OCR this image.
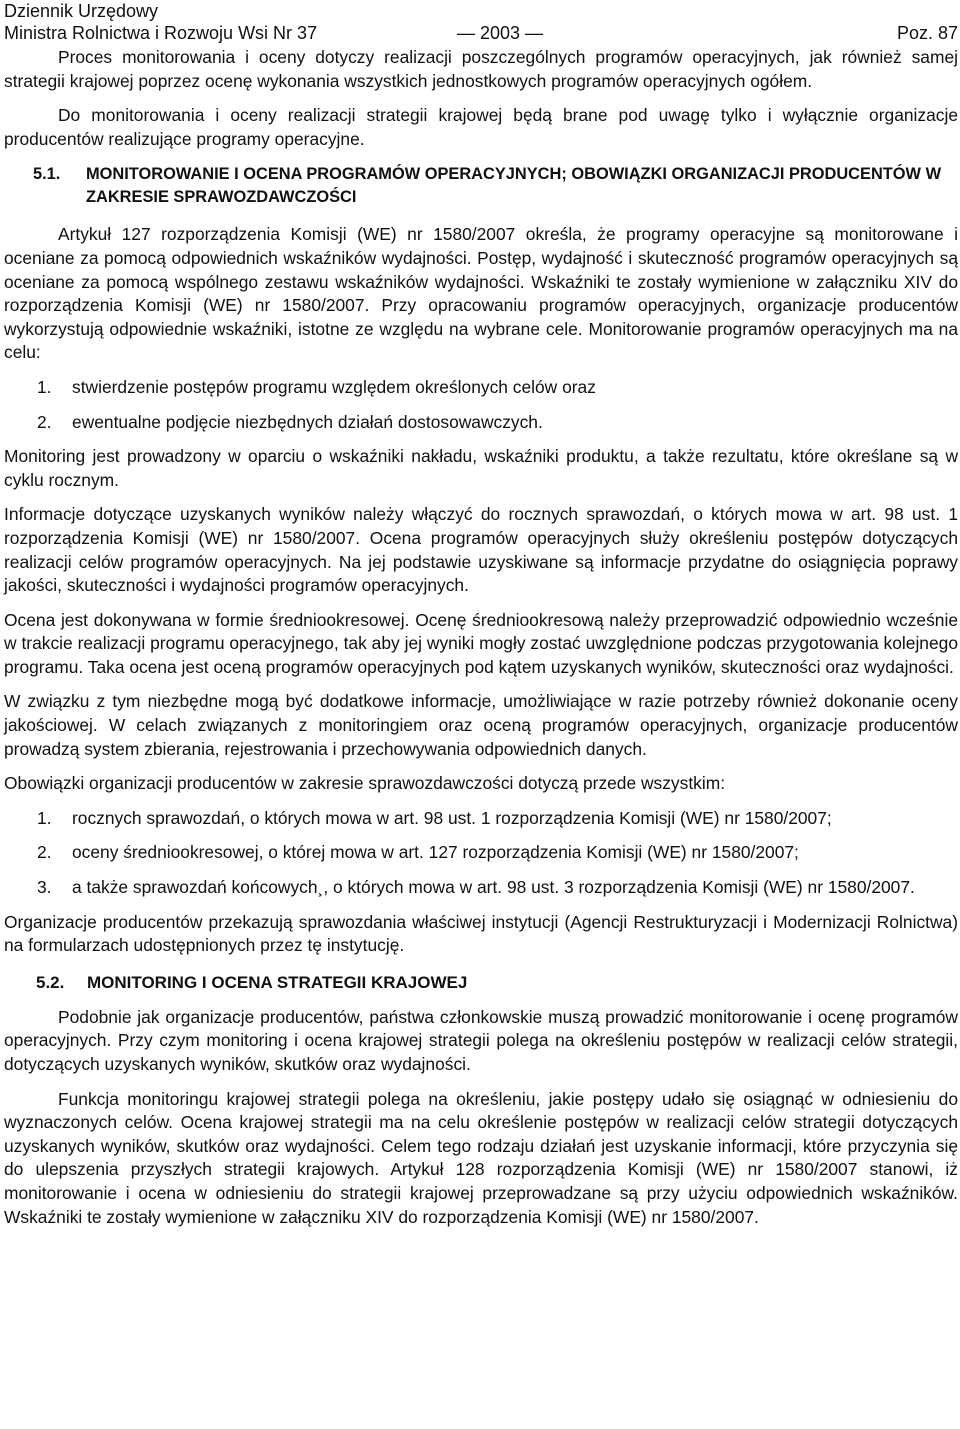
Dziennik Urzędowy
Ministra Rolnictwa i Rozwoju Wsi Nr 37	— 2003 —	Poz. 87

Proces monitorowania i oceny dotyczy realizacji poszczególnych programów operacyjnych, jak również samej strategii krajowej poprzez ocenę wykonania wszystkich jednostkowych programów operacyjnych ogółem.

Do monitorowania i oceny realizacji strategii krajowej będą brane pod uwagę tylko i wyłącznie organizacje producentów realizujące programy operacyjne.

5.1.	MONITOROWANIE I OCENA PROGRAMÓW OPERACYJNYCH; OBOWIĄZKI ORGANIZACJI PRODUCENTÓW W ZAKRESIE SPRAWOZDAWCZOŚCI

Artykuł 127 rozporządzenia Komisji (WE) nr 1580/2007 określa, że programy operacyjne są monitorowane i oceniane za pomocą odpowiednich wskaźników wydajności. Postęp, wydajność i skuteczność programów operacyjnych są oceniane za pomocą wspólnego zestawu wskaźników wydajności. Wskaźniki te zostały wymienione w załączniku XIV do rozporządzenia Komisji (WE) nr 1580/2007. Przy opracowaniu programów operacyjnych, organizacje producentów wykorzystują odpowiednie wskaźniki, istotne ze względu na wybrane cele. Monitorowanie programów operacyjnych ma na celu:

1.	stwierdzenie postępów programu względem określonych celów oraz
2.	ewentualne podjęcie niezbędnych działań dostosowawczych.

Monitoring jest prowadzony w oparciu o wskaźniki nakładu, wskaźniki produktu, a także rezultatu, które określane są w cyklu rocznym.

Informacje dotyczące uzyskanych wyników należy włączyć do rocznych sprawozdań, o których mowa w art. 98 ust. 1 rozporządzenia Komisji (WE) nr 1580/2007. Ocena programów operacyjnych służy określeniu postępów dotyczących realizacji celów programów operacyjnych. Na jej podstawie uzyskiwane są informacje przydatne do osiągnięcia poprawy jakości, skuteczności i wydajności programów operacyjnych.

Ocena jest dokonywana w formie średniookresowej. Ocenę średniookresową należy przeprowadzić odpowiednio wcześnie w trakcie realizacji programu operacyjnego, tak aby jej wyniki mogły zostać uwzględnione podczas przygotowania kolejnego programu. Taka ocena jest oceną programów operacyjnych pod kątem uzyskanych wyników, skuteczności oraz wydajności.

W związku z tym niezbędne mogą być dodatkowe informacje, umożliwiające w razie potrzeby również dokonanie oceny jakościowej. W celach związanych z monitoringiem oraz oceną programów operacyjnych, organizacje producentów prowadzą system zbierania, rejestrowania i przechowywania odpowiednich danych.

Obowiązki organizacji producentów w zakresie sprawozdawczości dotyczą przede wszystkim:

1.	rocznych sprawozdań, o których mowa w art. 98 ust. 1 rozporządzenia Komisji (WE) nr 1580/2007;
2.	oceny średniookresowej, o której mowa w art. 127 rozporządzenia Komisji (WE) nr 1580/2007;
3.	a także sprawozdań końcowych¸, o których mowa w art. 98 ust. 3 rozporządzenia Komisji (WE) nr 1580/2007.

Organizacje producentów przekazują sprawozdania właściwej instytucji (Agencji Restrukturyzacji i Modernizacji Rolnictwa) na formularzach udostępnionych przez tę instytucję.

5.2.	MONITORING I OCENA STRATEGII KRAJOWEJ

Podobnie jak organizacje producentów, państwa członkowskie muszą prowadzić monitorowanie i ocenę programów operacyjnych. Przy czym monitoring i ocena krajowej strategii polega na określeniu postępów w realizacji celów strategii, dotyczących uzyskanych wyników, skutków oraz wydajności.

Funkcja monitoringu krajowej strategii polega na określeniu, jakie postępy udało się osiągnąć w odniesieniu do wyznaczonych celów. Ocena krajowej strategii ma na celu określenie postępów w realizacji celów strategii dotyczących uzyskanych wyników, skutków oraz wydajności. Celem tego rodzaju działań jest uzyskanie informacji, które przyczynia się do ulepszenia przyszłych strategii krajowych. Artykuł 128 rozporządzenia Komisji (WE) nr 1580/2007 stanowi, iż monitorowanie i ocena w odniesieniu do strategii krajowej przeprowadzane są przy użyciu odpowiednich wskaźników. Wskaźniki te zostały wymienione w załączniku XIV do rozporządzenia Komisji (WE) nr 1580/2007.
